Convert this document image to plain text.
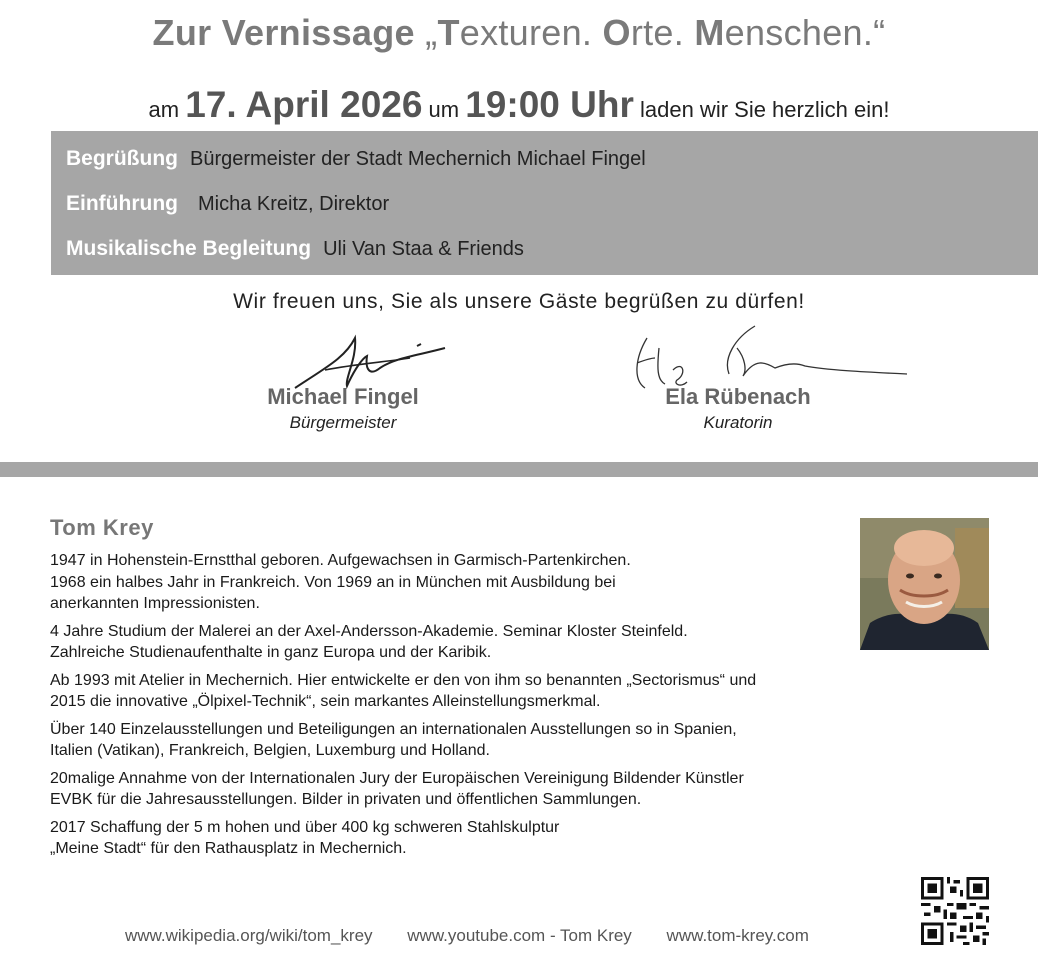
Zur Vernissage „Texturen. Orte. Menschen.“
am 17. April 2026 um 19:00 Uhr laden wir Sie herzlich ein!
Begrüßung Bürgermeister der Stadt Mechernich Michael Fingel
Einführung Micha Kreitz, Direktor
Musikalische Begleitung Uli Van Staa & Friends
Wir freuen uns, Sie als unsere Gäste begrüßen zu dürfen!
Michael Fingel
Bürgermeister
Ela Rübenach
Kuratorin
Tom Krey

1947 in Hohenstein-Ernstthal geboren. Aufgewachsen in Garmisch-Partenkirchen.
1968 ein halbes Jahr in Frankreich. Von 1969 an in München mit Ausbildung bei
anerkannten Impressionisten.

4 Jahre Studium der Malerei an der Axel-Andersson-Akademie. Seminar Kloster Steinfeld.
Zahlreiche Studienaufenthalte in ganz Europa und der Karibik.

Ab 1993 mit Atelier in Mechernich. Hier entwickelte er den von ihm so benannten „Sectorismus“ und
2015 die innovative „Ölpixel-Technik“, sein markantes Alleinstellungsmerkmal.

Über 140 Einzelausstellungen und Beteiligungen an internationalen Ausstellungen so in Spanien,
Italien (Vatikan), Frankreich, Belgien, Luxemburg und Holland.

20malige Annahme von der Internationalen Jury der Europäischen Vereinigung Bildender Künstler
EVBK für die Jahresausstellungen. Bilder in privaten und öffentlichen Sammlungen.

2017 Schaffung der 5 m hohen und über 400 kg schweren Stahlskulptur
„Meine Stadt“ für den Rathausplatz in Mechernich.

www.wikipedia.org/wiki/tom_krey www.youtube.com - Tom Krey www.tom-krey.com
